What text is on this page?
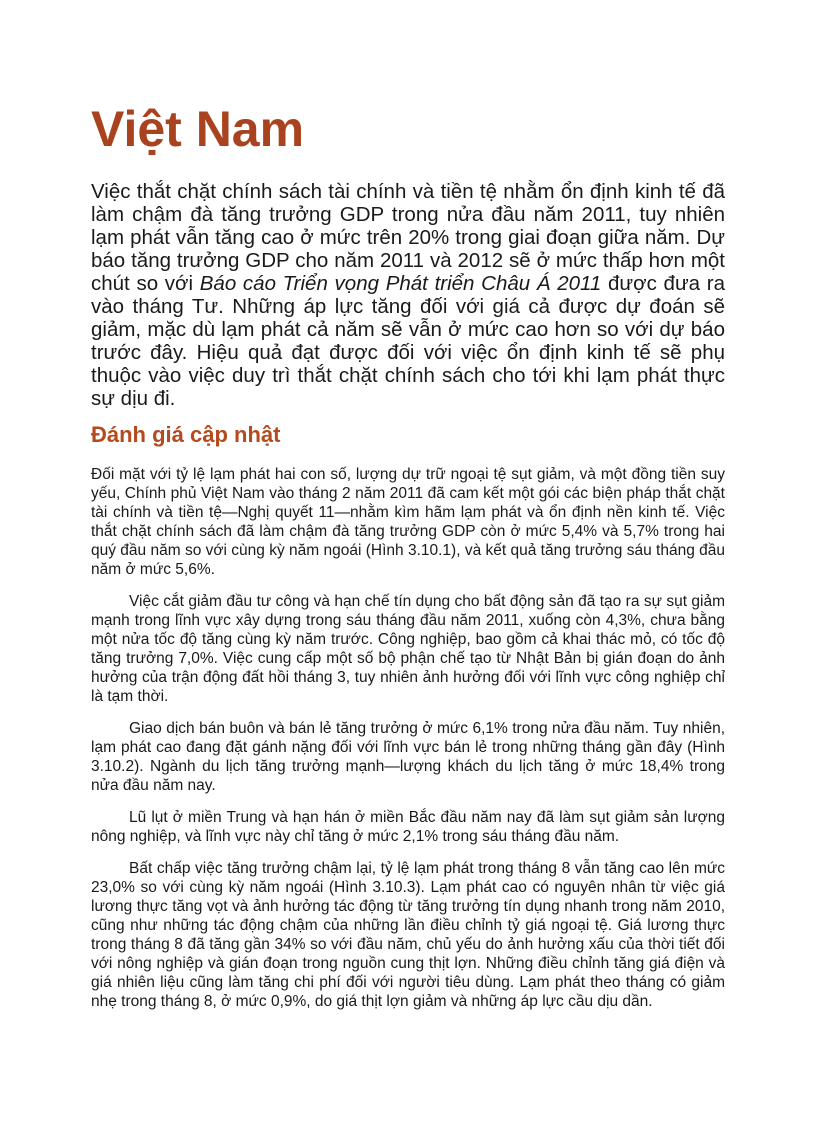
Việt Nam

Việc thắt chặt chính sách tài chính và tiền tệ nhằm ổn định kinh tế đã làm chậm đà tăng trưởng GDP trong nửa đầu năm 2011, tuy nhiên lạm phát vẫn tăng cao ở mức trên 20% trong giai đoạn giữa năm. Dự báo tăng trưởng GDP cho năm 2011 và 2012 sẽ ở mức thấp hơn một chút so với Báo cáo Triển vọng Phát triển Châu Á 2011 được đưa ra vào tháng Tư. Những áp lực tăng đối với giá cả được dự đoán sẽ giảm, mặc dù lạm phát cả năm sẽ vẫn ở mức cao hơn so với dự báo trước đây. Hiệu quả đạt được đối với việc ổn định kinh tế sẽ phụ thuộc vào việc duy trì thắt chặt chính sách cho tới khi lạm phát thực sự dịu đi.

Đánh giá cập nhật

Đối mặt với tỷ lệ lạm phát hai con số, lượng dự trữ ngoại tệ sụt giảm, và một đồng tiền suy yếu, Chính phủ Việt Nam vào tháng 2 năm 2011 đã cam kết một gói các biện pháp thắt chặt tài chính và tiền tệ—Nghị quyết 11—nhằm kìm hãm lạm phát và ổn định nền kinh tế. Việc thắt chặt chính sách đã làm chậm đà tăng trưởng GDP còn ở mức 5,4% và 5,7% trong hai quý đầu năm so với cùng kỳ năm ngoái (Hình 3.10.1), và kết quả tăng trưởng sáu tháng đầu năm ở mức 5,6%.

Việc cắt giảm đầu tư công và hạn chế tín dụng cho bất động sản đã tạo ra sự sụt giảm mạnh trong lĩnh vực xây dựng trong sáu tháng đầu năm 2011, xuống còn 4,3%, chưa bằng một nửa tốc độ tăng cùng kỳ năm trước. Công nghiệp, bao gồm cả khai thác mỏ, có tốc độ tăng trưởng 7,0%. Việc cung cấp một số bộ phận chế tạo từ Nhật Bản bị gián đoạn do ảnh hưởng của trận động đất hồi tháng 3, tuy nhiên ảnh hưởng đối với lĩnh vực công nghiệp chỉ là tạm thời.

Giao dịch bán buôn và bán lẻ tăng trưởng ở mức 6,1% trong nửa đầu năm. Tuy nhiên, lạm phát cao đang đặt gánh nặng đối với lĩnh vực bán lẻ trong những tháng gần đây (Hình 3.10.2). Ngành du lịch tăng trưởng mạnh—lượng khách du lịch tăng ở mức 18,4% trong nửa đầu năm nay.

Lũ lụt ở miền Trung và hạn hán ở miền Bắc đầu năm nay đã làm sụt giảm sản lượng nông nghiệp, và lĩnh vực này chỉ tăng ở mức 2,1% trong sáu tháng đầu năm.

Bất chấp việc tăng trưởng chậm lại, tỷ lệ lạm phát trong tháng 8 vẫn tăng cao lên mức 23,0% so với cùng kỳ năm ngoái (Hình 3.10.3). Lạm phát cao có nguyên nhân từ việc giá lương thực tăng vọt và ảnh hưởng tác động từ tăng trưởng tín dụng nhanh trong năm 2010, cũng như những tác động chậm của những lần điều chỉnh tỷ giá ngoại tệ. Giá lương thực trong tháng 8 đã tăng gần 34% so với đầu năm, chủ yếu do ảnh hưởng xấu của thời tiết đối với nông nghiệp và gián đoạn trong nguồn cung thịt lợn. Những điều chỉnh tăng giá điện và giá nhiên liệu cũng làm tăng chi phí đối với người tiêu dùng. Lạm phát theo tháng có giảm nhẹ trong tháng 8, ở mức 0,9%, do giá thịt lợn giảm và những áp lực cầu dịu dần.
